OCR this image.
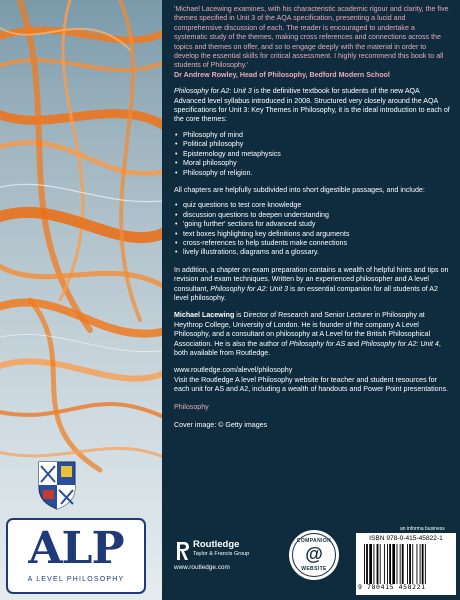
'Michael Lacewing examines, with his characteristic academic rigour and clarity, the five themes specified in Unit 3 of the AQA specification, presenting a lucid and comprehensive discussion of each. The reader is encouraged to undertake a systematic study of the themes, making cross references and connections across the topics and themes on offer, and so to engage deeply with the material in order to develop the essential skills for critical assessment. I highly recommend this book to all students of Philosophy.'

Dr Andrew Rowley, Head of Philosophy, Bedford Modern School

Philosophy for A2: Unit 3 is the definitive textbook for students of the new AQA Advanced level syllabus introduced in 2008. Structured very closely around the AQA specifications for Unit 3: Key Themes in Philosophy, it is the ideal introduction to each of the core themes:

• Philosophy of mind
• Political philosophy
• Epistemology and metaphysics
• Moral philosophy
• Philosophy of religion.

All chapters are helpfully subdivided into short digestible passages, and include:

• quiz questions to test core knowledge
• discussion questions to deepen understanding
• 'going further' sections for advanced study
• text boxes highlighting key definitions and arguments
• cross-references to help students make connections
• lively illustrations, diagrams and a glossary.

In addition, a chapter on exam preparation contains a wealth of helpful hints and tips on revision and exam techniques. Written by an experienced philosopher and A level consultant, Philosophy for A2: Unit 3 is an essential companion for all students of A2 level philosophy.

Michael Lacewing is Director of Research and Senior Lecturer in Philosophy at Heythrop College, University of London. He is founder of the company A Level Philosophy, and a consultant on philosophy at A Level for the British Philosophical Association. He is also the author of Philosophy for AS and Philosophy for A2: Unit 4, both available from Routledge.

www.routledge.com/alevel/philosophy
Visit the Routledge A level Philosophy website for teacher and student resources for each unit for AS and A2, including a wealth of handouts and Power Point presentations.

Philosophy

Cover image: © Getty images

ALP
A LEVEL PHILOSOPHY
Routledge
Taylor & Francis Group
www.routledge.com
COMPANION
@
WEBSITE
an informa business
ISBN 978-0-415-45822-1
9 780415 458221
